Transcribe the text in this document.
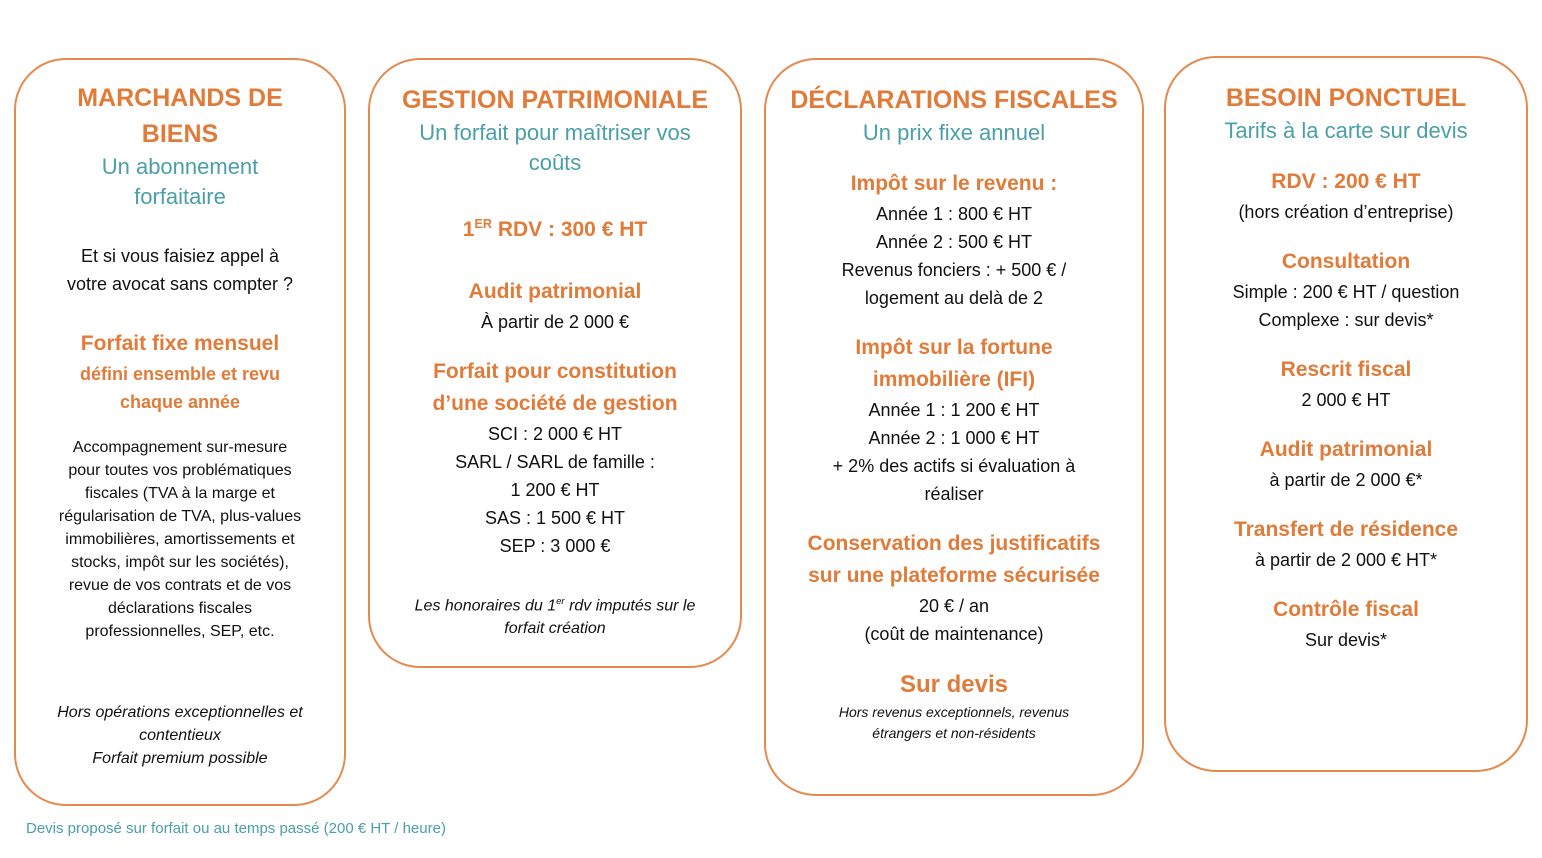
MARCHANDS DE

BIENS

Un abonnement

forfaitaire

Et si vous faisiez appel à

votre avocat sans compter ?

Forfait fixe mensuel

défini ensemble et revu

chaque année

Accompagnement sur-mesure

pour toutes vos problématiques

fiscales (TVA à la marge et

régularisation de TVA, plus-values

immobilières, amortissements et

stocks, impôt sur les sociétés),

revue de vos contrats et de vos

déclarations fiscales

professionnelles, SEP, etc.

Hors opérations exceptionnelles et

contentieux

Forfait premium possible

GESTION PATRIMONIALE

Un forfait pour maîtriser vos

coûts

1ER RDV : 300 € HT

Audit patrimonial

À partir de 2 000 €

Forfait pour constitution

d’une société de gestion

SCI : 2 000 € HT

SARL / SARL de famille :

1 200 € HT

SAS : 1 500 € HT

SEP : 3 000 €

Les honoraires du 1er rdv imputés sur le

forfait création

DÉCLARATIONS FISCALES

Un prix fixe annuel

Impôt sur le revenu :

Année 1 : 800 € HT

Année 2 : 500 € HT

Revenus fonciers : + 500 € /

logement au delà de 2

Impôt sur la fortune

immobilière (IFI)

Année 1 : 1 200 € HT

Année 2 : 1 000 € HT

+ 2% des actifs si évaluation à

réaliser

Conservation des justificatifs

sur une plateforme sécurisée

20 € / an

(coût de maintenance)

Sur devis

Hors revenus exceptionnels, revenus

étrangers et non-résidents

BESOIN PONCTUEL

Tarifs à la carte sur devis

RDV : 200 € HT

(hors création d’entreprise)

Consultation

Simple : 200 € HT / question

Complexe : sur devis*

Rescrit fiscal

2 000 € HT

Audit patrimonial

à partir de 2 000 €*

Transfert de résidence

à partir de 2 000 € HT*

Contrôle fiscal

Sur devis*

Devis proposé sur forfait ou au temps passé (200 € HT / heure)
